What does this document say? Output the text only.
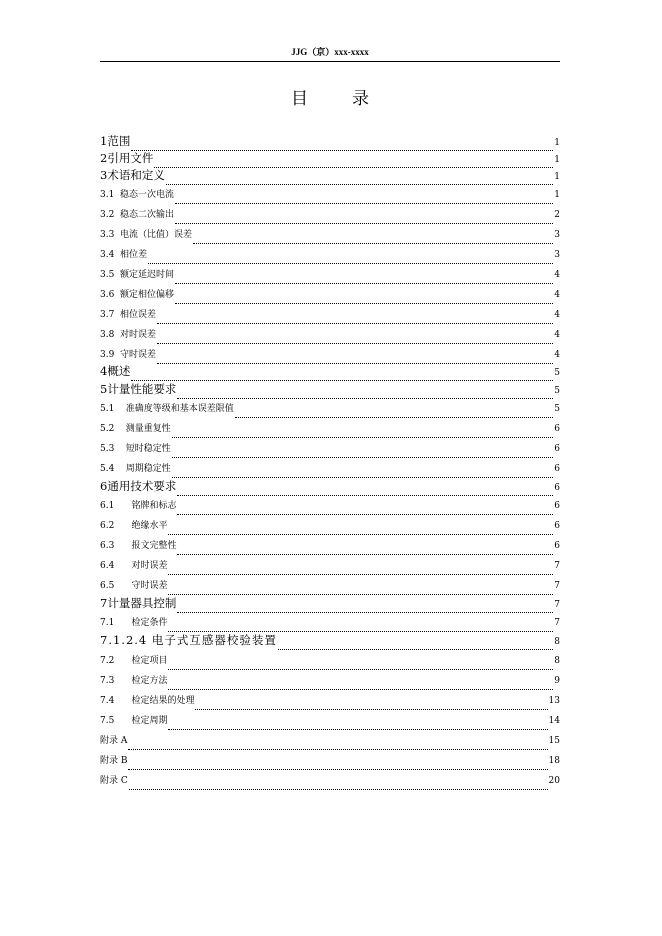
JJG（京）xxx-xxxx
目录
1范围	1
2引用文件	1
3术语和定义	1
3.1  稳态一次电流	1
3.2  稳态二次输出	2
3.3  电流（比值）误差	3
3.4  相位差	3
3.5  额定延迟时间	4
3.6  额定相位偏移	4
3.7  相位误差	4
3.8  对时误差	4
3.9  守时误差	4
4概述	5
5计量性能要求	5
5.1    准确度等级和基本误差限值	5
5.2    测量重复性	6
5.3    短时稳定性	6
5.4    周期稳定性	6
6通用技术要求	6
6.1      铭牌和标志	6
6.2      绝缘水平	6
6.3      报文完整性	6
6.4      对时误差	7
6.5      守时误差	7
7计量器具控制	7
7.1      检定条件	7
7.1.2.4 电子式互感器校验装置	8
7.2      检定项目	8
7.3      检定方法	9
7.4      检定结果的处理	13
7.5      检定周期	14
附录 A	15
附录 B	18
附录 C	20
